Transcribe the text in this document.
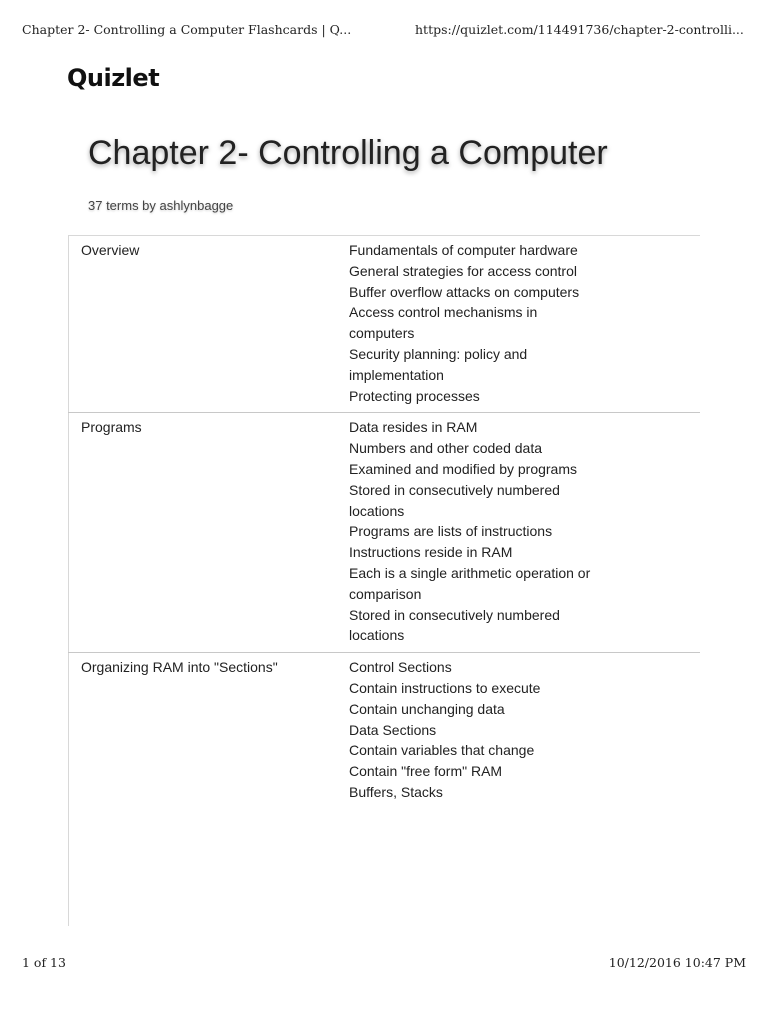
Chapter 2- Controlling a Computer Flashcards | Q...	https://quizlet.com/114491736/chapter-2-controlli...
Quizlet
Chapter 2- Controlling a Computer
37 terms by ashlynbagge
Overview	Fundamentals of computer hardware
General strategies for access control
Buffer overflow attacks on computers
Access control mechanisms in
computers
Security planning: policy and
implementation
Protecting processes
Programs	Data resides in RAM
Numbers and other coded data
Examined and modified by programs
Stored in consecutively numbered
locations
Programs are lists of instructions
Instructions reside in RAM
Each is a single arithmetic operation or
comparison
Stored in consecutively numbered
locations
Organizing RAM into "Sections"	Control Sections
Contain instructions to execute
Contain unchanging data
Data Sections
Contain variables that change
Contain "free form" RAM
Buffers, Stacks
1 of 13	10/12/2016 10:47 PM
